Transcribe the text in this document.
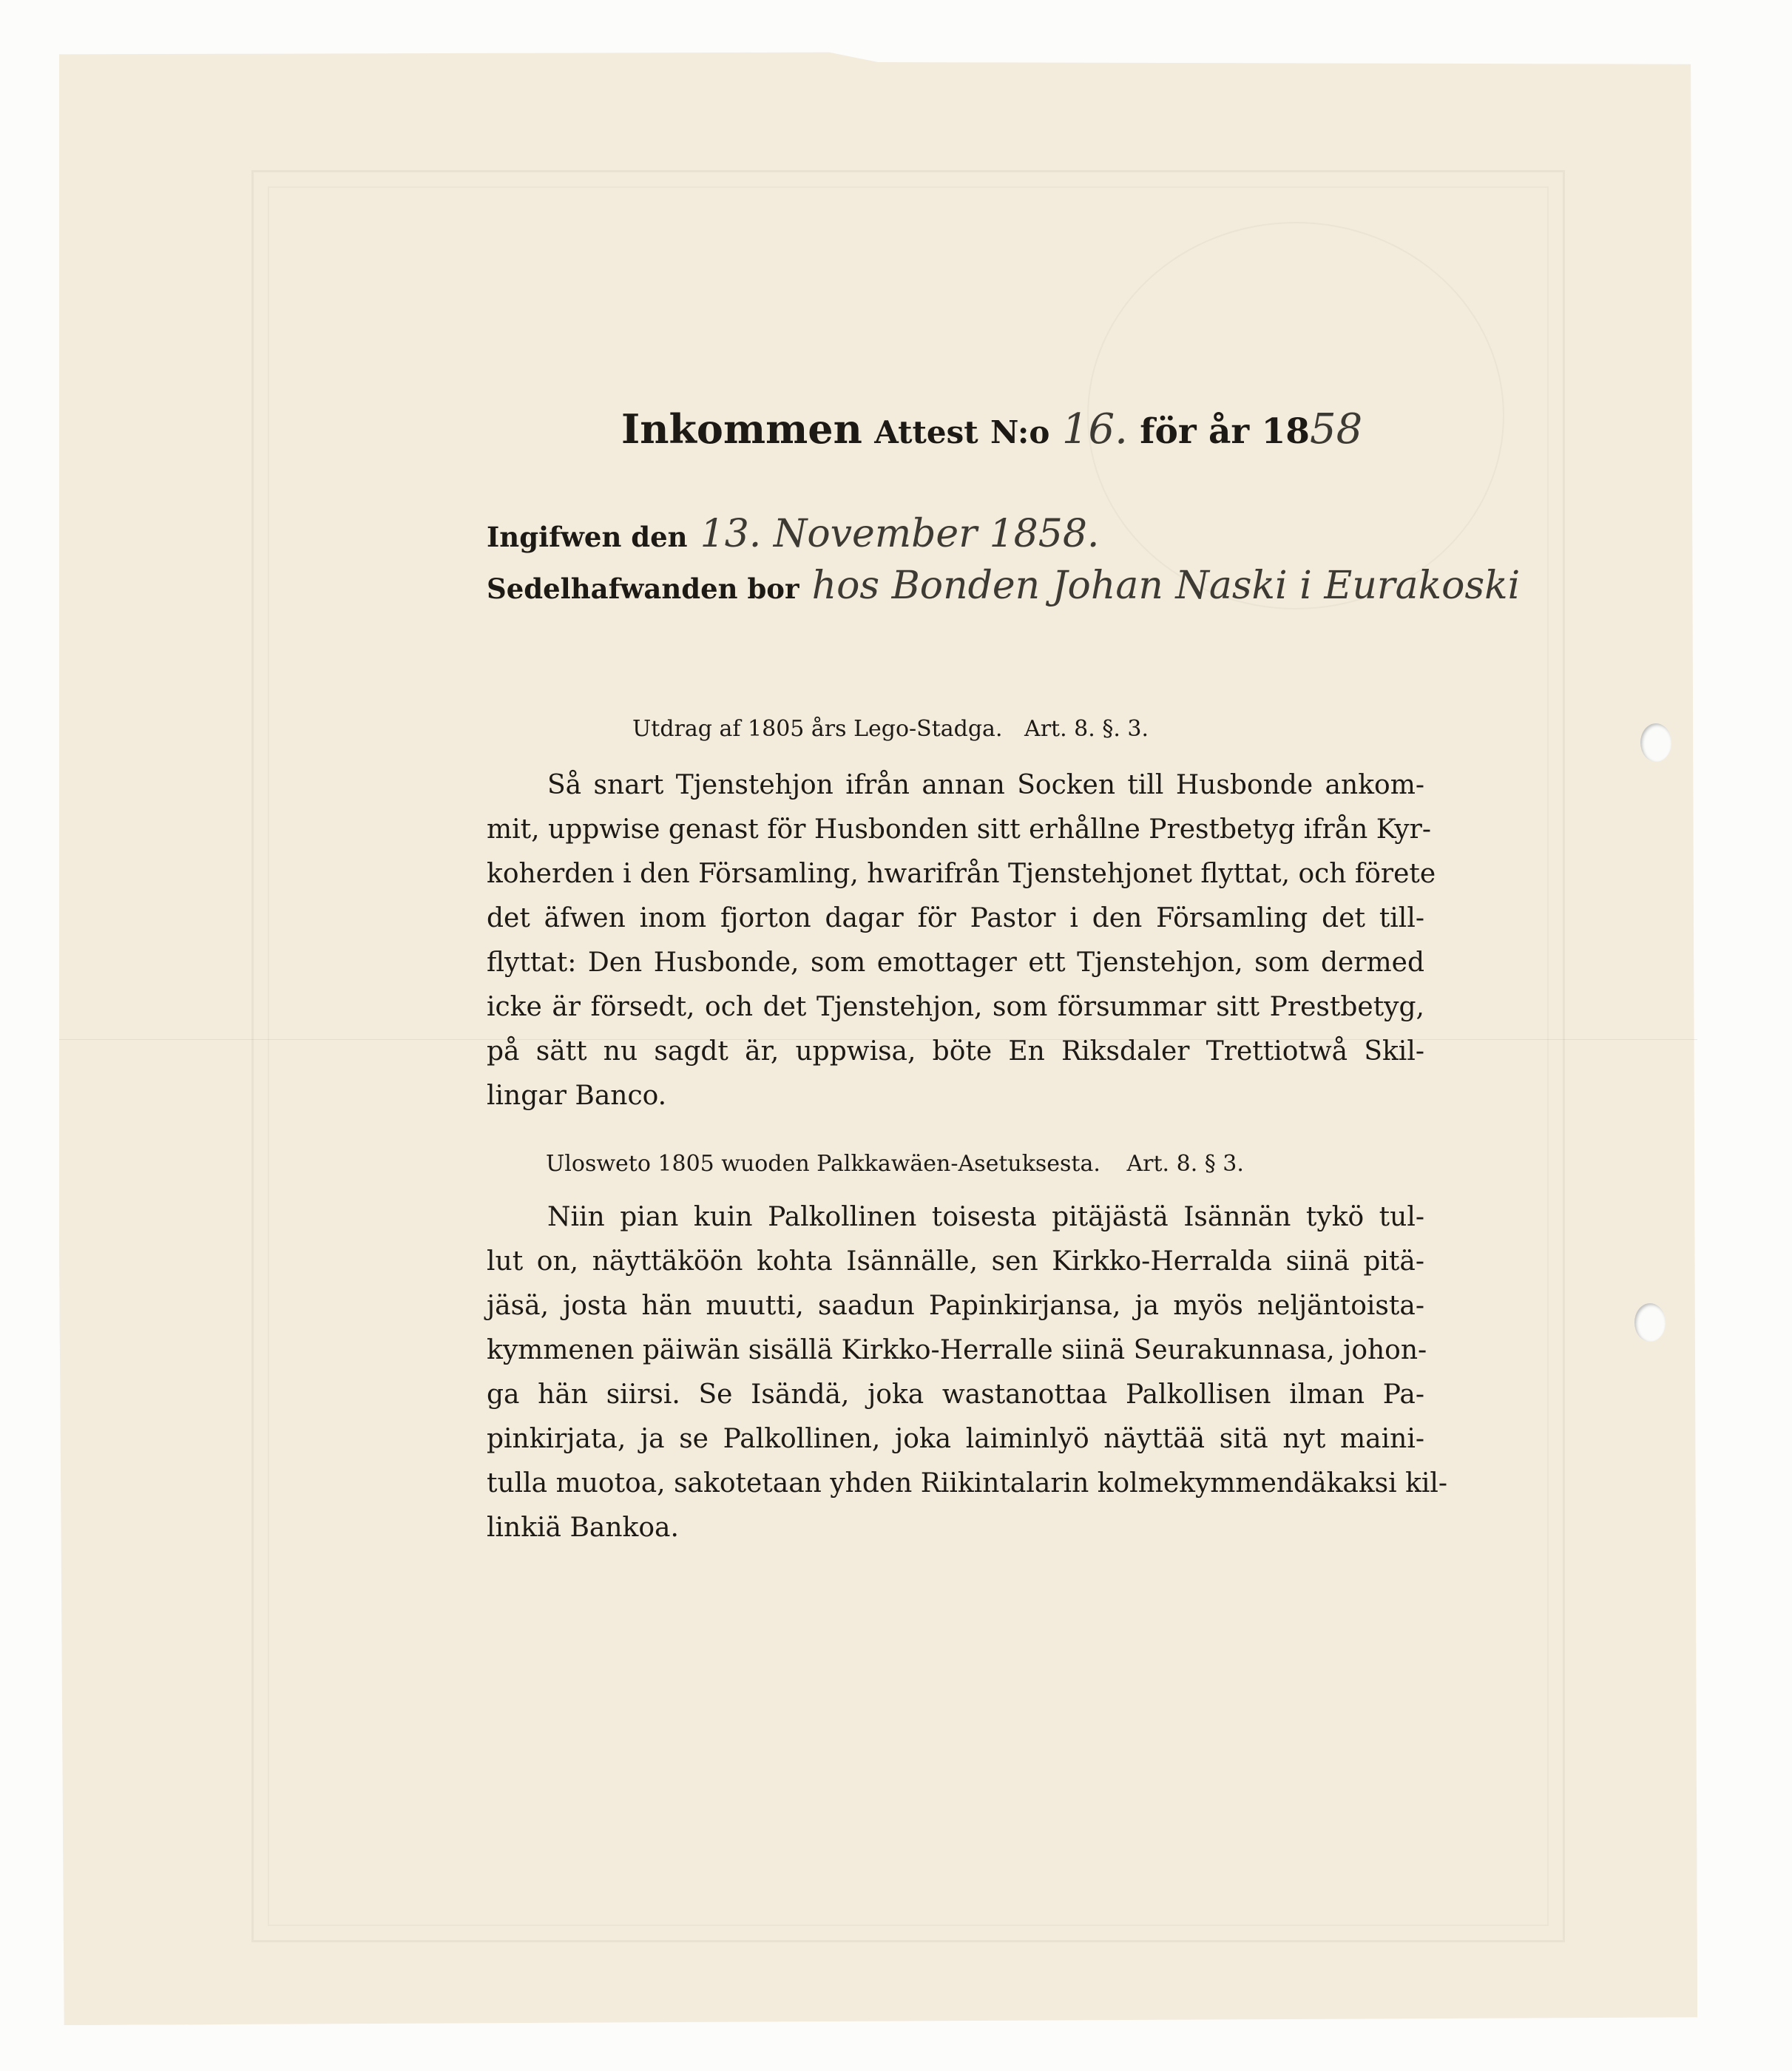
Inkommen Attest N:o 16. för år 1858
Ingifwen den 13. November 1858.
Sedelhafwanden bor hos Bonden Johan Naski i Eurakoski
Utdrag af 1805 års Lego-Stadga. Art. 8. §. 3.
Så snart Tjenstehjon ifrån annan Socken till Husbonde ankom-
mit, uppwise genast för Husbonden sitt erhållne Prestbetyg ifrån Kyr-
koherden i den Församling, hwarifrån Tjenstehjonet flyttat, och förete
det äfwen inom fjorton dagar för Pastor i den Församling det till-
flyttat: Den Husbonde, som emottager ett Tjenstehjon, som dermed
icke är försedt, och det Tjenstehjon, som försummar sitt Prestbetyg,
på sätt nu sagdt är, uppwisa, böte En Riksdaler Trettiotwå Skil-
lingar Banco.
Ulosweto 1805 wuoden Palkkawäen-Asetuksesta. Art. 8. § 3.
Niin pian kuin Palkollinen toisesta pitäjästä Isännän tykö tul-
lut on, näyttäköön kohta Isännälle, sen Kirkko-Herralda siinä pitä-
jäsä, josta hän muutti, saadun Papinkirjansa, ja myös neljäntoista-
kymmenen päiwän sisällä Kirkko-Herralle siinä Seurakunnasa, johon-
ga hän siirsi. Se Isändä, joka wastanottaa Palkollisen ilman Pa-
pinkirjata, ja se Palkollinen, joka laiminlyö näyttää sitä nyt maini-
tulla muotoa, sakotetaan yhden Riikintalarin kolmekymmendäkaksi kil-
linkiä Bankoa.
